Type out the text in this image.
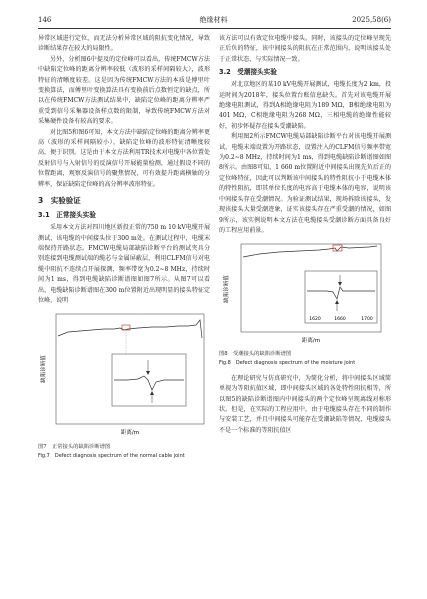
146	绝缘材料	2025,58(6)

异常区域进行定位，而无法分析异常区域的阻抗变化情况，导致诊断结果存在较大的局限性。

另外，分析图6中提及的定位峰可以看出，传统FMCW方法中缺陷定位峰的距离分辨率较低（波形的采样间隔较大），波形特征的清晰度较差。这是因为传统FMCW方法的本质是傅里叶变换算法，而傅里叶变换算法具有变换前后点数恒定的缺点，所以在传统FMCW方法测试结果中，缺陷定位峰的距离分辨率严重受到信号采集器设备样点数的限制，导致传统FMCW方法对采集硬件设备有较高的要求。

对比图5和图6可知，本文方法中缺陷定位峰的距离分辨率更高（波形的采样间隔较小），缺陷定位峰的波形特征清晰度较高，便于识别。这是由于本文方法利用TR技术对电缆中各位置处反射信号与入射信号的反演信号开展能量检测，通过假设不同的位置距离，观察反演信号的聚焦情况，可有效提升距离横轴的分辨率，保证缺陷定位峰的高分辨率波形特征。

3　实验验证
3.1　正常接头实验

采用本文方法对四川地区新投正常的750 m 10 kV电缆开展测试，该电缆的中间接头位于300 m处。在测试过程中，电缆末端保持开路状态。FMCW电缆局部缺陷诊断平台的测试夹具分别连接到电缆测试端的缆芯与金属屏蔽层，利用CLFM信号对电缆中阻抗不连续点开展探测，频率带宽为0.2~8 MHz，持续时间为1 ms，得到电缆缺陷诊断谱图如图7所示。从图7可以看出，电缆缺陷诊断谱图在300 m位置附近出现明显的接头特征定位峰，说明

缺陷诊断值
距离/m

图7　正常接头的缺陷诊断谱图

Fig.7　Defect diagnosis spectrum of the normal cable joint

该方法可以有效定位电缆中接头。同时，该接头的定位峰呈现先正后负的特征，该中间接头的阻抗在正常范围内，说明该接头处于正常状态，与实际情况一致。

3.2　受潮接头实验

对北京地区的某10 kV电缆开展测试，电缆长度为2 km，投运时间为2018年，接头位置台账信息缺失。首先对该电缆开展绝缘电阻测试，得到A相绝缘电阻为189 MΩ，B相绝缘电阻为401 MΩ，C相绝缘电阻为268 MΩ，三相电缆的绝缘性能较好，初步怀疑存在接头受潮缺陷。

利用图2所示FMCW电缆局部缺陷诊断平台对该电缆开展测试，电缆末端设置为开路状态，设置注入的CLFM信号频率带宽为0.2~8 MHz，持续时间为1 ms，得到电缆缺陷诊断谱图如图8所示。由图8可知，1 660 m位置附近中间接头出现先负后正的定位峰特征，因此可以判断该中间接头的特性阻抗小于电缆本体的特性阻抗，即其单位长度的电容高于电缆本体的电容，说明该中间接头存在受潮情况。为验证测试结果，现场拆除该接头，发现该接头大量受潮迹象，证实该接头存在严重受潮的情况，如图9所示，该实例说明本文方法在电缆接头受潮诊断方面具备良好的工程应用前景。

缺陷诊断值
距离/m
1620	1660	1700

图8　受潮接头的缺陷诊断谱图

Fig.8　Defect diagnosis spectrum of the moisture joint

在理论研究与仿真研究中，为简化分析，将中间接头区域简单视为等阻抗值区域，即中间接头区域的各处特性阻抗相等，所以图5的缺陷诊断谱图内中间接头的两个定位峰呈现离线对称形状。但是，在实际的工程应用中，由于电缆接头存在不同的制作与安装工艺，并且中间接头可能存在受潮缺陷等情况，电缆接头不是一个标准的等阻抗值区
